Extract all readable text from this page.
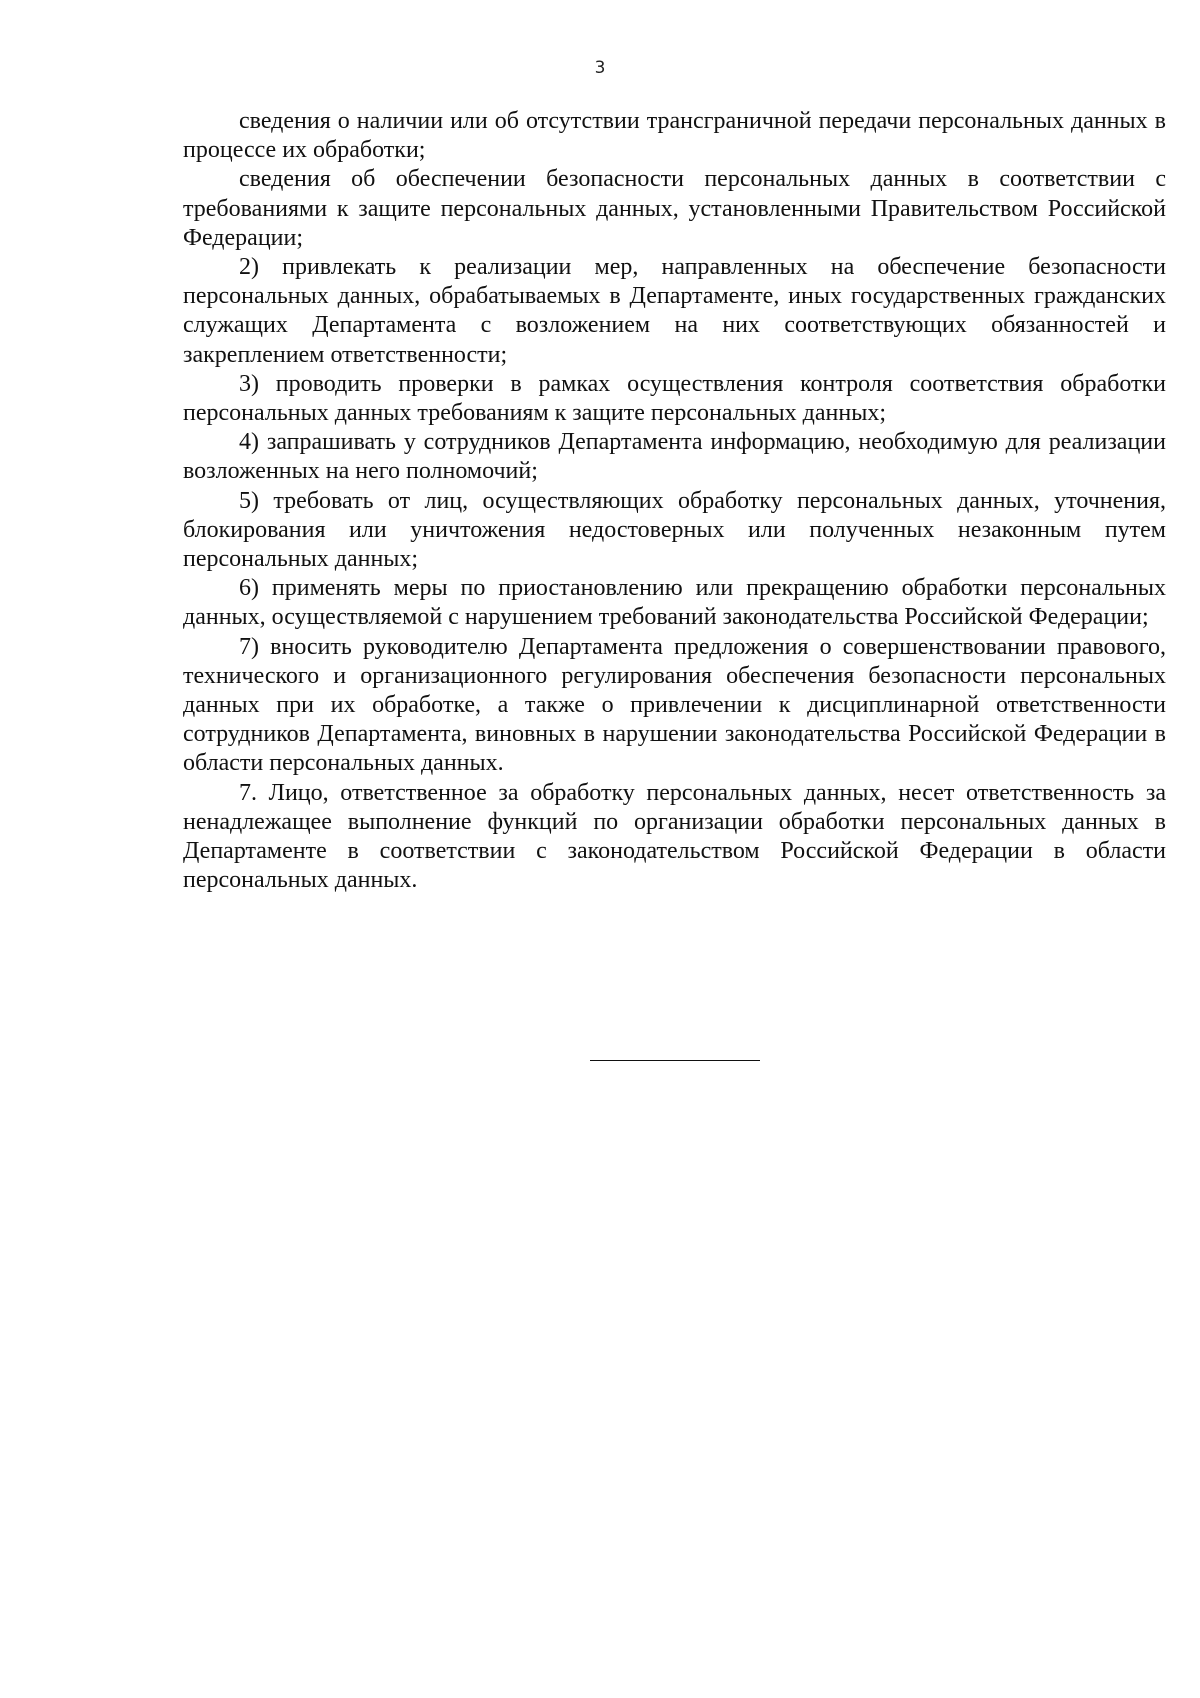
3

сведения о наличии или об отсутствии трансграничной передачи персональных данных в процессе их обработки;

сведения об обеспечении безопасности персональных данных в соответствии с требованиями к защите персональных данных, установленными Правительством Российской Федерации;

2) привлекать к реализации мер, направленных на обеспечение безопасности персональных данных, обрабатываемых в Департаменте, иных государственных гражданских служащих Департамента с возложением на них соответствующих обязанностей и закреплением ответственности;

3) проводить проверки в рамках осуществления контроля соответствия обработки персональных данных требованиям к защите персональных данных;

4) запрашивать у сотрудников Департамента информацию, необходимую для реализации возложенных на него полномочий;

5) требовать от лиц, осуществляющих обработку персональных данных, уточнения, блокирования или уничтожения недостоверных или полученных незаконным путем персональных данных;

6) применять меры по приостановлению или прекращению обработки персональных данных, осуществляемой с нарушением требований законодательства Российской Федерации;

7) вносить руководителю Департамента предложения о совершенствовании правового, технического и организационного регулирования обеспечения безопасности персональных данных при их обработке, а также о привлечении к дисциплинарной ответственности сотрудников Департамента, виновных в нарушении законодательства Российской Федерации в области персональных данных.

7. Лицо, ответственное за обработку персональных данных, несет ответственность за ненадлежащее выполнение функций по организации обработки персональных данных в Департаменте в соответствии с законодательством Российской Федерации в области персональных данных.
